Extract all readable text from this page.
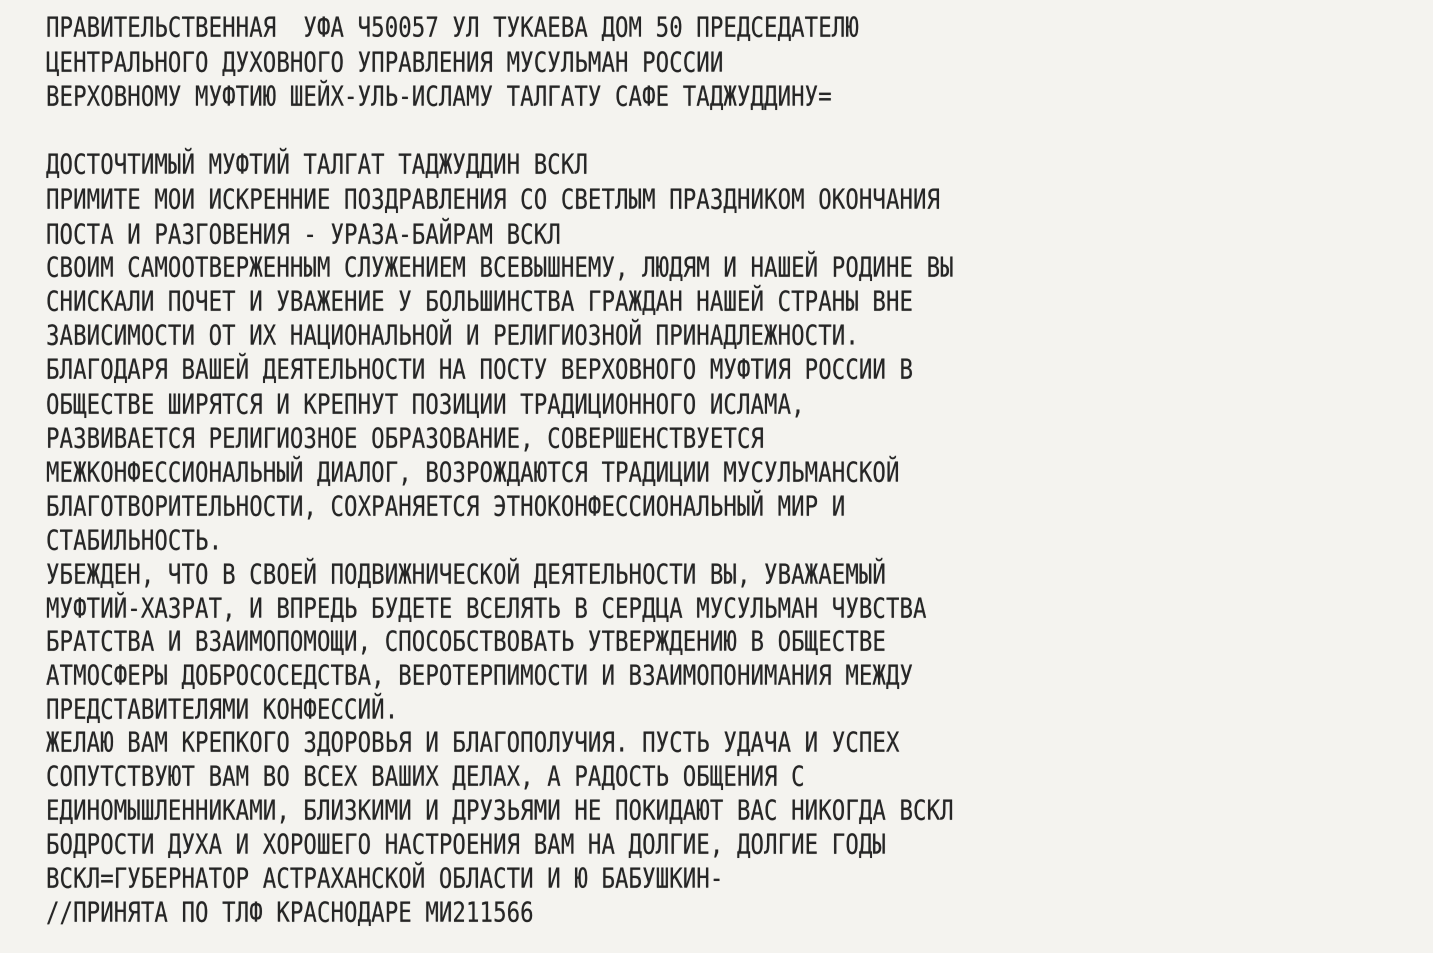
ПРАВИТЕЛЬСТВЕННАЯ  УФА Ч50057 УЛ ТУКАЕВА ДОМ 50 ПРЕДСЕДАТЕЛЮ
ЦЕНТРАЛЬНОГО ДУХОВНОГО УПРАВЛЕНИЯ МУСУЛЬМАН РОССИИ
ВЕРХОВНОМУ МУФТИЮ ШЕЙХ-УЛЬ-ИСЛАМУ ТАЛГАТУ САФЕ ТАДЖУДДИНУ=
ДОСТОЧТИМЫЙ МУФТИЙ ТАЛГАТ ТАДЖУДДИН ВСКЛ
ПРИМИТЕ МОИ ИСКРЕННИЕ ПОЗДРАВЛЕНИЯ СО СВЕТЛЫМ ПРАЗДНИКОМ ОКОНЧАНИЯ
ПОСТА И РАЗГОВЕНИЯ - УРАЗА-БАЙРАМ ВСКЛ
СВОИМ САМООТВЕРЖЕННЫМ СЛУЖЕНИЕМ ВСЕВЫШНЕМУ, ЛЮДЯМ И НАШЕЙ РОДИНЕ ВЫ
СНИСКАЛИ ПОЧЕТ И УВАЖЕНИЕ У БОЛЬШИНСТВА ГРАЖДАН НАШЕЙ СТРАНЫ ВНЕ
ЗАВИСИМОСТИ ОТ ИХ НАЦИОНАЛЬНОЙ И РЕЛИГИОЗНОЙ ПРИНАДЛЕЖНОСТИ.
БЛАГОДАРЯ ВАШЕЙ ДЕЯТЕЛЬНОСТИ НА ПОСТУ ВЕРХОВНОГО МУФТИЯ РОССИИ В
ОБЩЕСТВЕ ШИРЯТСЯ И КРЕПНУТ ПОЗИЦИИ ТРАДИЦИОННОГО ИСЛАМА,
РАЗВИВАЕТСЯ РЕЛИГИОЗНОЕ ОБРАЗОВАНИЕ, СОВЕРШЕНСТВУЕТСЯ
МЕЖКОНФЕССИОНАЛЬНЫЙ ДИАЛОГ, ВОЗРОЖДАЮТСЯ ТРАДИЦИИ МУСУЛЬМАНСКОЙ
БЛАГОТВОРИТЕЛЬНОСТИ, СОХРАНЯЕТСЯ ЭТНОКОНФЕССИОНАЛЬНЫЙ МИР И
СТАБИЛЬНОСТЬ.
УБЕЖДЕН, ЧТО В СВОЕЙ ПОДВИЖНИЧЕСКОЙ ДЕЯТЕЛЬНОСТИ ВЫ, УВАЖАЕМЫЙ
МУФТИЙ-ХАЗРАТ, И ВПРЕДЬ БУДЕТЕ ВСЕЛЯТЬ В СЕРДЦА МУСУЛЬМАН ЧУВСТВА
БРАТСТВА И ВЗАИМОПОМОЩИ, СПОСОБСТВОВАТЬ УТВЕРЖДЕНИЮ В ОБЩЕСТВЕ
АТМОСФЕРЫ ДОБРОСОСЕДСТВА, ВЕРОТЕРПИМОСТИ И ВЗАИМОПОНИМАНИЯ МЕЖДУ
ПРЕДСТАВИТЕЛЯМИ КОНФЕССИЙ.
ЖЕЛАЮ ВАМ КРЕПКОГО ЗДОРОВЬЯ И БЛАГОПОЛУЧИЯ. ПУСТЬ УДАЧА И УСПЕХ
СОПУТСТВУЮТ ВАМ ВО ВСЕХ ВАШИХ ДЕЛАХ, А РАДОСТЬ ОБЩЕНИЯ С
ЕДИНОМЫШЛЕННИКАМИ, БЛИЗКИМИ И ДРУЗЬЯМИ НЕ ПОКИДАЮТ ВАС НИКОГДА ВСКЛ
БОДРОСТИ ДУХА И ХОРОШЕГО НАСТРОЕНИЯ ВАМ НА ДОЛГИЕ, ДОЛГИЕ ГОДЫ
ВСКЛ=ГУБЕРНАТОР АСТРАХАНСКОЙ ОБЛАСТИ И Ю БАБУШКИН-
//ПРИНЯТА ПО ТЛФ КРАСНОДАРЕ МИ211566
